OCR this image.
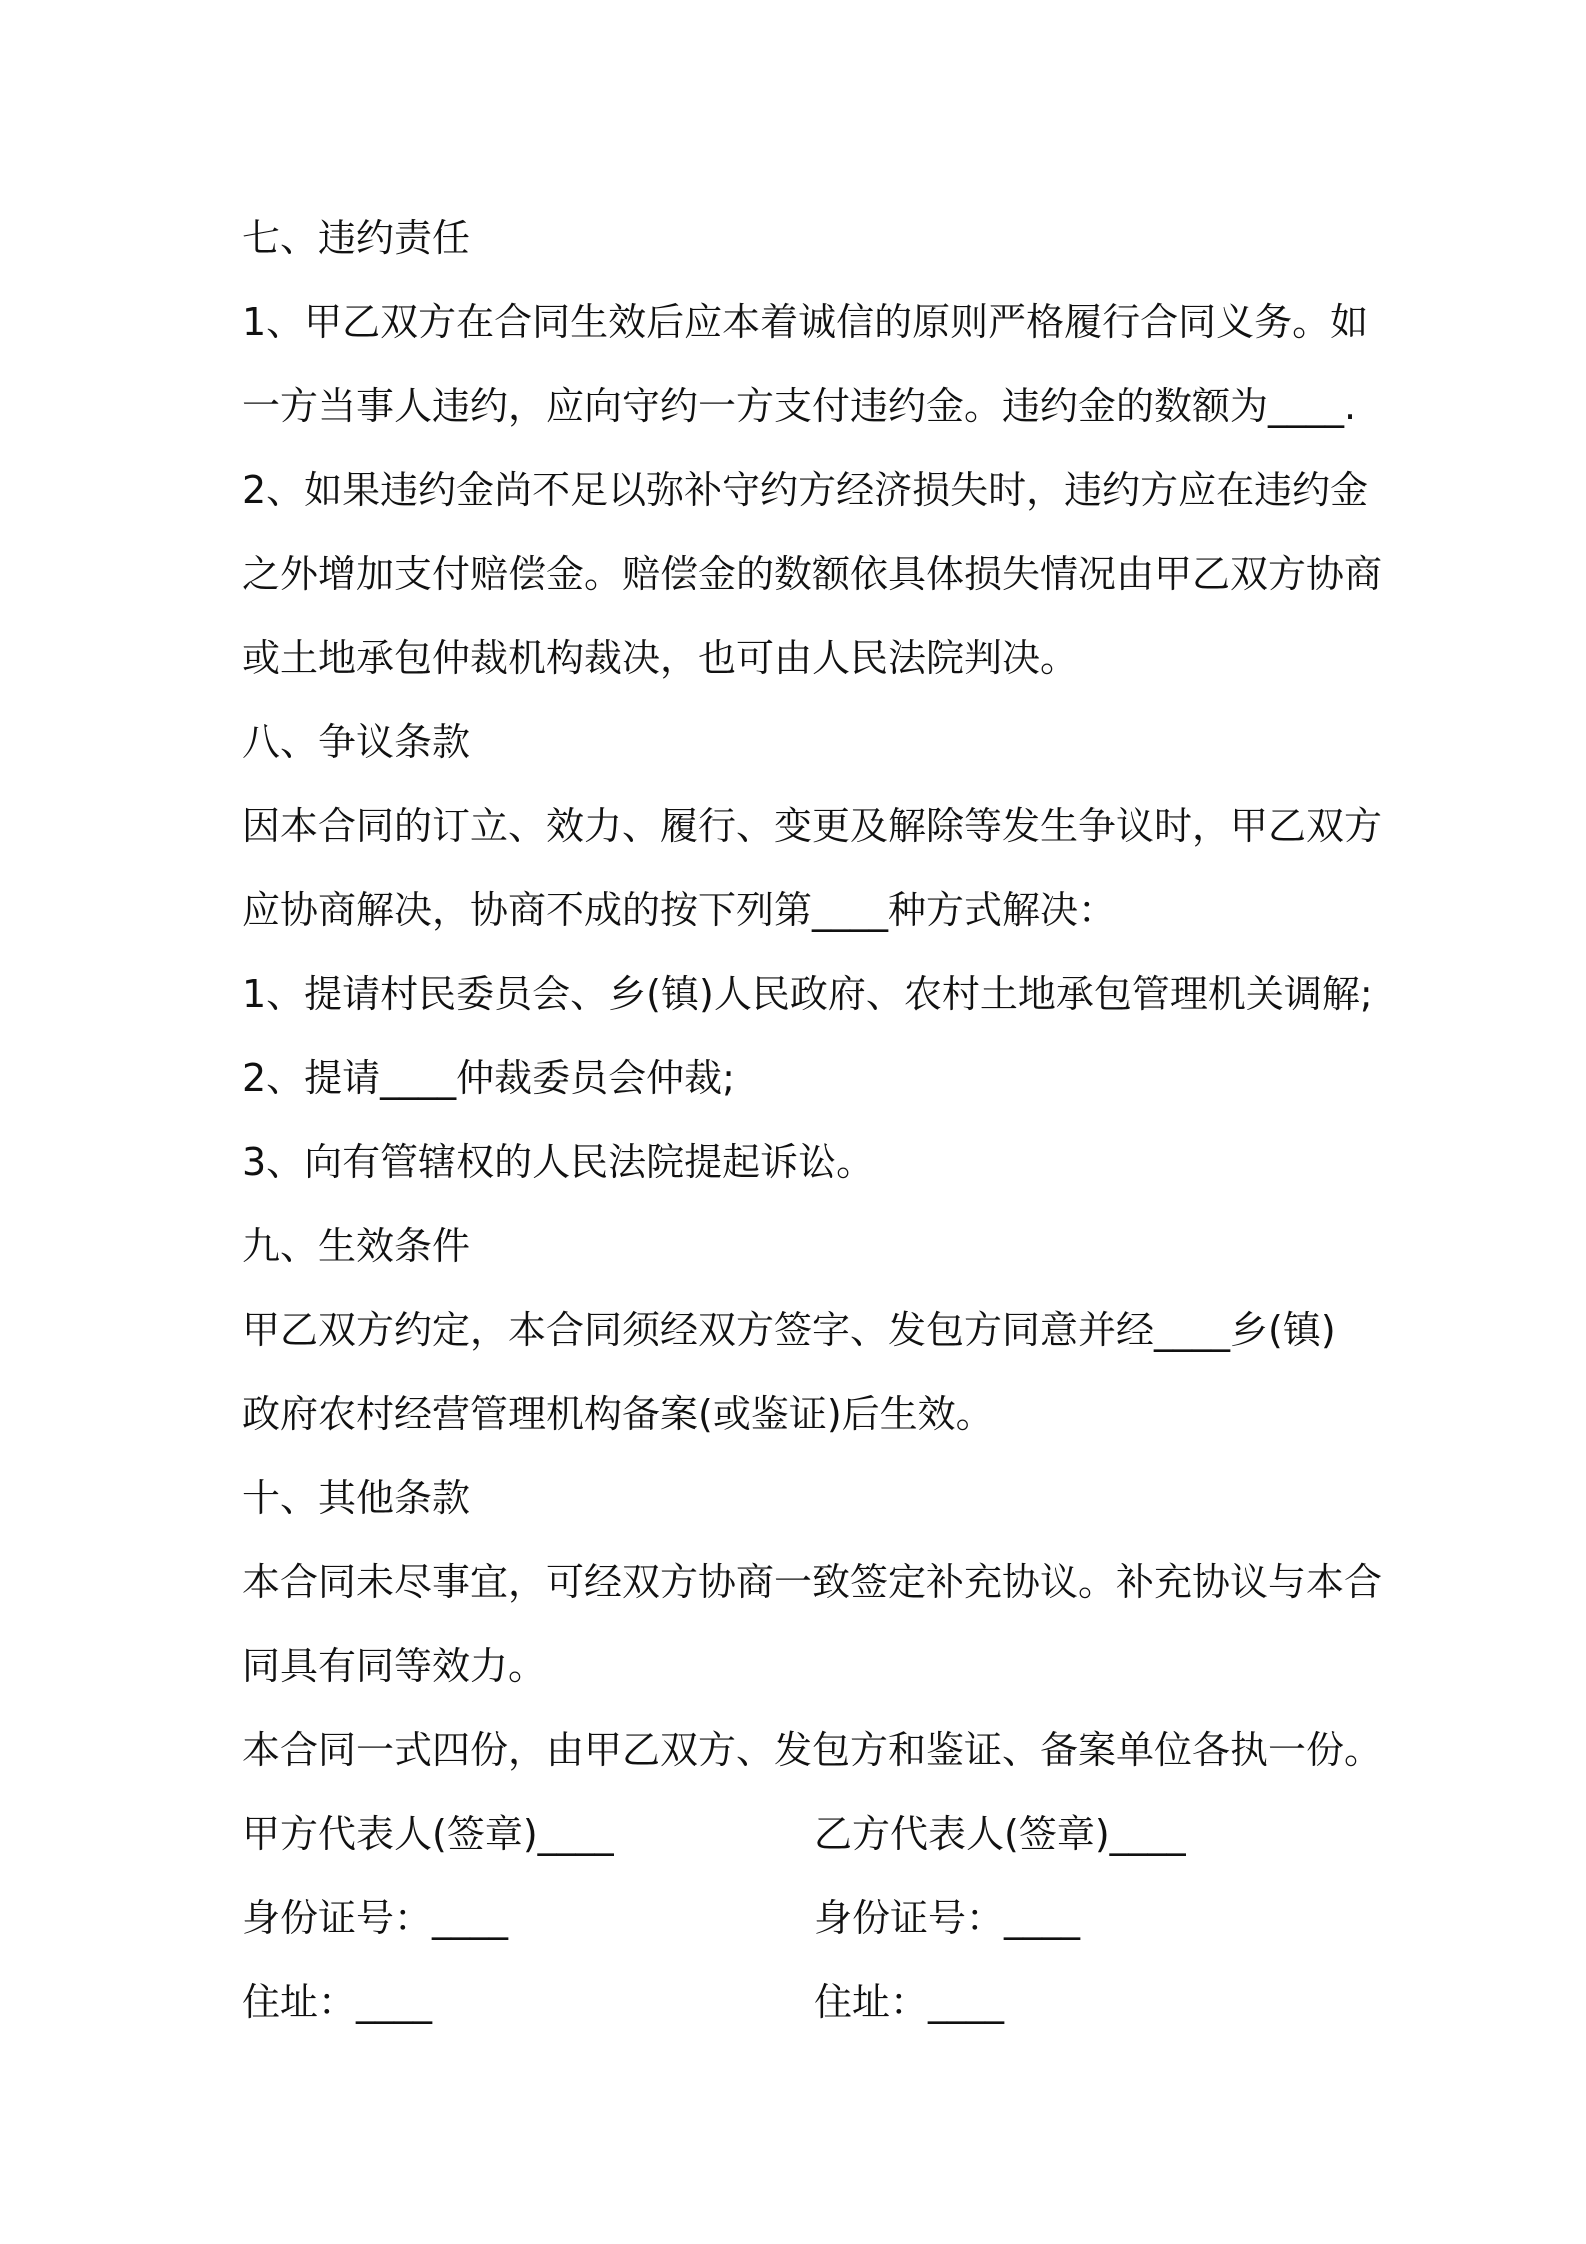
七、违约责任
1、甲乙双方在合同生效后应本着诚信的原则严格履行合同义务。如
一方当事人违约，应向守约一方支付违约金。违约金的数额为____.
2、如果违约金尚不足以弥补守约方经济损失时，违约方应在违约金
之外增加支付赔偿金。赔偿金的数额依具体损失情况由甲乙双方协商
或土地承包仲裁机构裁决，也可由人民法院判决。
八、争议条款
因本合同的订立、效力、履行、变更及解除等发生争议时，甲乙双方
应协商解决，协商不成的按下列第____种方式解决：
1、提请村民委员会、乡(镇)人民政府、农村土地承包管理机关调解;
2、提请____仲裁委员会仲裁;
3、向有管辖权的人民法院提起诉讼。
九、生效条件
甲乙双方约定，本合同须经双方签字、发包方同意并经____乡(镇)
政府农村经营管理机构备案(或鉴证)后生效。
十、其他条款
本合同未尽事宜，可经双方协商一致签定补充协议。补充协议与本合
同具有同等效力。
本合同一式四份，由甲乙双方、发包方和鉴证、备案单位各执一份。
甲方代表人(签章)____	乙方代表人(签章)____
身份证号：____	身份证号：____
住址：____	住址：____
